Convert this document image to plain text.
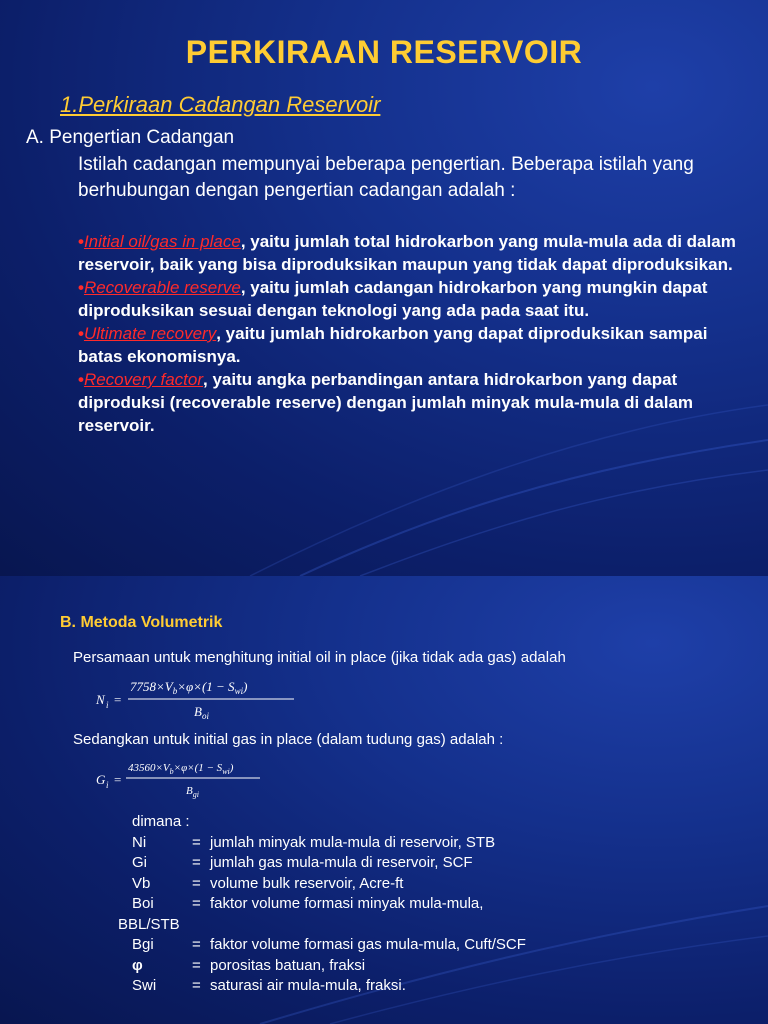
PERKIRAAN RESERVOIR
1.Perkiraan Cadangan Reservoir
A. Pengertian Cadangan
Istilah cadangan mempunyai beberapa pengertian. Beberapa istilah yang berhubungan dengan pengertian cadangan adalah :

•Initial oil/gas in place, yaitu jumlah total hidrokarbon yang mula-mula ada di dalam reservoir, baik yang bisa diproduksikan maupun yang tidak dapat diproduksikan.

•Recoverable reserve, yaitu jumlah cadangan hidrokarbon yang mungkin dapat diproduksikan sesuai dengan teknologi yang ada pada saat itu.

•Ultimate recovery, yaitu jumlah hidrokarbon yang dapat diproduksikan sampai batas ekonomisnya.

•Recovery factor, yaitu angka perbandingan antara hidrokarbon yang dapat diproduksi (recoverable reserve) dengan jumlah minyak mula-mula di dalam reservoir.

B. Metoda Volumetrik
Persamaan untuk menghitung initial oil in place (jika tidak ada gas) adalah
N i =
$7758\times V_b\times\varphi\times(1 - S_{wi})$
$B_{oi}$
Sedangkan untuk initial gas in place (dalam tudung gas) adalah :
G i =
$43560\times V_b\times\varphi\times(1 - S_{wi})$
$B_{gi}$
dimana :
Ni	= jumlah minyak mula-mula di reservoir, STB
Gi	= jumlah gas mula-mula di reservoir, SCF
Vb	= volume bulk reservoir, Acre-ft
Boi	= faktor volume formasi minyak mula-mula,
BBL/STB
Bgi	= faktor volume formasi gas mula-mula, Cuft/SCF
φ	= porositas batuan, fraksi
Swi	= saturasi air mula-mula, fraksi.
